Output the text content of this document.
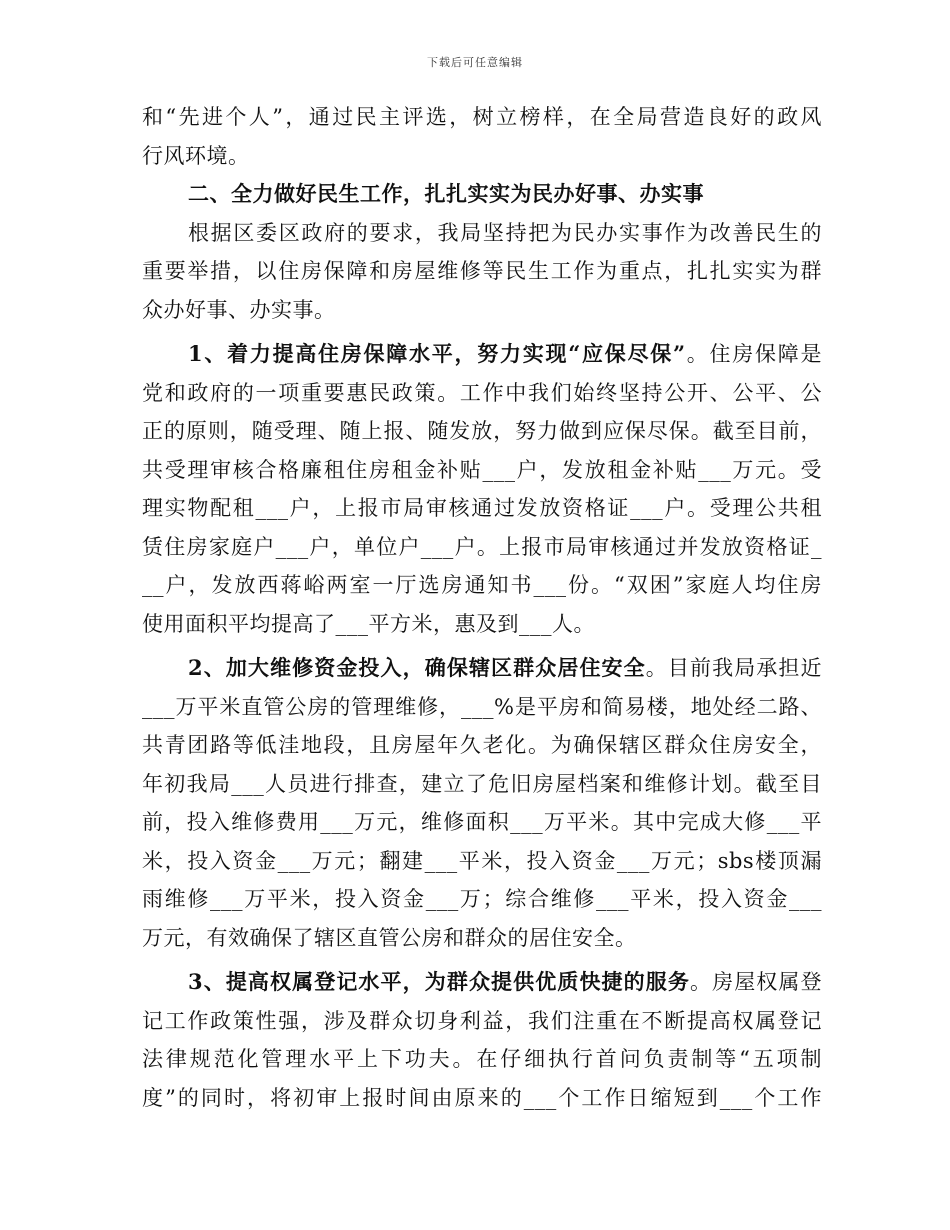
下载后可任意编辑
和“先进个人”，通过民主评选，树立榜样，在全局营造良好的政风
行风环境。
二、全力做好民生工作，扎扎实实为民办好事、办实事
根据区委区政府的要求，我局坚持把为民办实事作为改善民生的
重要举措，以住房保障和房屋维修等民生工作为重点，扎扎实实为群
众办好事、办实事。
1、着力提高住房保障水平，努力实现“应保尽保”。住房保障是
党和政府的一项重要惠民政策。工作中我们始终坚持公开、公平、公
正的原则，随受理、随上报、随发放，努力做到应保尽保。截至目前，
共受理审核合格廉租住房租金补贴___户，发放租金补贴___万元。受
理实物配租___户，上报市局审核通过发放资格证___户。受理公共租
赁住房家庭户___户，单位户___户。上报市局审核通过并发放资格证_
__户，发放西蒋峪两室一厅选房通知书___份。“双困”家庭人均住房
使用面积平均提高了___平方米，惠及到___人。
2、加大维修资金投入，确保辖区群众居住安全。目前我局承担近
___万平米直管公房的管理维修，___%是平房和简易楼，地处经二路、
共青团路等低洼地段，且房屋年久老化。为确保辖区群众住房安全，
年初我局___人员进行排查，建立了危旧房屋档案和维修计划。截至目
前，投入维修费用___万元，维修面积___万平米。其中完成大修___平
米，投入资金___万元；翻建___平米，投入资金___万元；sbs楼顶漏
雨维修___万平米，投入资金___万；综合维修___平米，投入资金___
万元，有效确保了辖区直管公房和群众的居住安全。
3、提高权属登记水平，为群众提供优质快捷的服务。房屋权属登
记工作政策性强，涉及群众切身利益，我们注重在不断提高权属登记
法律规范化管理水平上下功夫。在仔细执行首问负责制等“五项制
度”的同时，将初审上报时间由原来的___个工作日缩短到___个工作
